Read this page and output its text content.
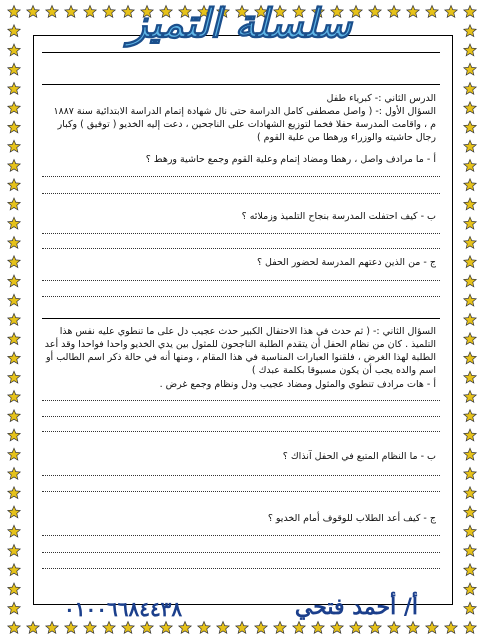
سلسلة التميز
الدرس الثاني :- كبرياء طفل
السؤال الأول :- ( واصل مصطفى كامل الدراسة حتى نال شهادة إتمام الدراسة الابتدائية سنة ١٨٨٧
م ، واقامت المدرسة حفلا فخما لتوزيع الشهادات على الناجحين ، دعت إليه الخديو ( توفيق ) وكبار
رجال حاشيته والوزراء ورهطا من علية القوم )
أ - ما مرادف واصل ، رهطا ومضاد إتمام وعلية القوم وجمع حاشية ورهط ؟
ب - كيف احتفلت المدرسة بنجاح التلميذ وزملائه ؟
ج - من الذين دعتهم المدرسة لحضور الحفل ؟
السؤال الثاني :- ( ثم حدث في هذا الاحتفال الكبير حدث عجيب دل على ما تنطوي عليه نفس هذا
التلميذ . كان من نظام الحفل أن يتقدم الطلبة الناجحون للمثول بين يدي الخديو واحدا فواحدا وقد أعد
الطلبة لهذا الغرض ، فلقنوا العبارات المناسبة في هذا المقام ، ومنها أنه في حالة ذكر اسم الطالب أو
اسم والده يجب أن يكون مسبوقا بكلمة عبدك )
أ - هات مرادف تنطوي والمثول ومضاد عجيب ودل ونظام وجمع غرض .
ب - ما النظام المتبع في الحفل آنذاك ؟
ج - كيف أعد الطلاب للوقوف أمام الخديو ؟
٠١٠٠٦٦٨٤٤٣٨	أ/ أحمد فتحي
